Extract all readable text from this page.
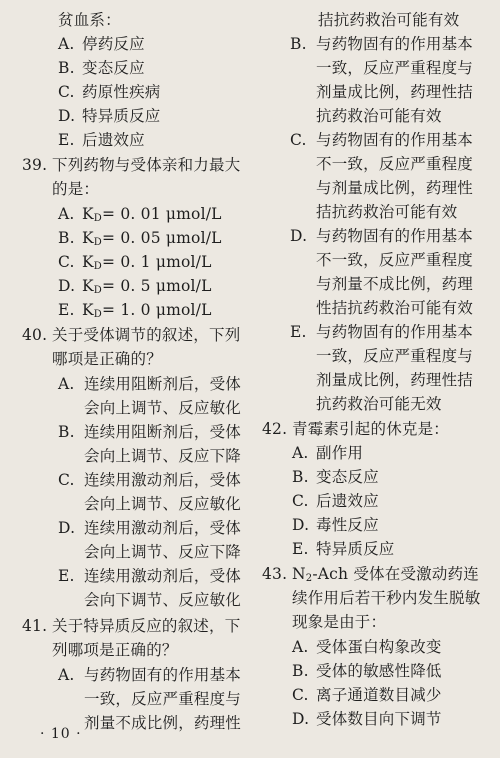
贫血系：
A. 停药反应
B. 变态反应
C. 药原性疾病
D. 特异质反应
E. 后遗效应
39. 下列药物与受体亲和力最大
的是：
A. $K_D= 0$. 01 μmol/L
B. $K_D= 0$. 05 μmol/L
C. $K_D= 0$. 1 μmol/L
D. $K_D= 0$. 5 μmol/L
E. $K_D= 1$. 0 μmol/L
40. 关于受体调节的叙述，下列
哪项是正确的？
A. 连续用阻断剂后，受体
会向上调节、反应敏化
B. 连续用阻断剂后，受体
会向上调节、反应下降
C. 连续用激动剂后，受体
会向上调节、反应敏化
D. 连续用激动剂后，受体
会向上调节、反应下降
E. 连续用激动剂后，受体
会向下调节、反应敏化
41. 关于特异质反应的叙述，下
列哪项是正确的？
A. 与药物固有的作用基本
一致，反应严重程度与
剂量不成比例，药理性
拮抗药救治可能有效
B. 与药物固有的作用基本
一致，反应严重程度与
剂量成比例，药理性拮
抗药救治可能有效
C. 与药物固有的作用基本
不一致，反应严重程度
与剂量成比例，药理性
拮抗药救治可能有效
D. 与药物固有的作用基本
不一致，反应严重程度
与剂量不成比例，药理
性拮抗药救治可能有效
E. 与药物固有的作用基本
一致，反应严重程度与
剂量成比例，药理性拮
抗药救治可能无效
42. 青霉素引起的休克是：
A. 副作用
B. 变态反应
C. 后遗效应
D. 毒性反应
E. 特异质反应
43. $N_2$-Ach 受体在受激动药连
续作用后若干秒内发生脱敏
现象是由于：
A. 受体蛋白构象改变
B. 受体的敏感性降低
C. 离子通道数目减少
D. 受体数目向下调节
· 10 ·
